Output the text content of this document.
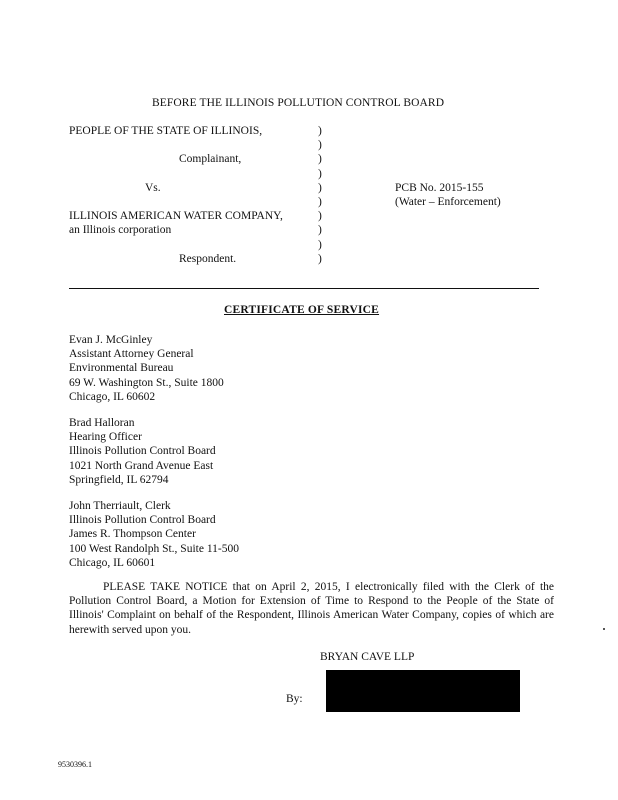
BEFORE THE ILLINOIS POLLUTION CONTROL BOARD
PEOPLE OF THE STATE OF ILLINOIS,
Complainant,
Vs.
ILLINOIS AMERICAN WATER COMPANY,
an Illinois corporation
Respondent.
)
)
)
)
)
)
)
)
)
)
PCB No. 2015-155
(Water – Enforcement)
CERTIFICATE OF SERVICE
Evan J. McGinley
Assistant Attorney General
Environmental Bureau
69 W. Washington St., Suite 1800
Chicago, IL 60602
Brad Halloran
Hearing Officer
Illinois Pollution Control Board
1021 North Grand Avenue East
Springfield, IL 62794
John Therriault, Clerk
Illinois Pollution Control Board
James R. Thompson Center
100 West Randolph St., Suite 11-500
Chicago, IL 60601

PLEASE TAKE NOTICE that on April 2, 2015, I electronically filed with the Clerk of the Pollution Control Board, a Motion for Extension of Time to Respond to the People of the State of Illinois' Complaint on behalf of the Respondent, Illinois American Water Company, copies of which are herewith served upon you.

BRYAN CAVE LLP
By:
9530396.1
